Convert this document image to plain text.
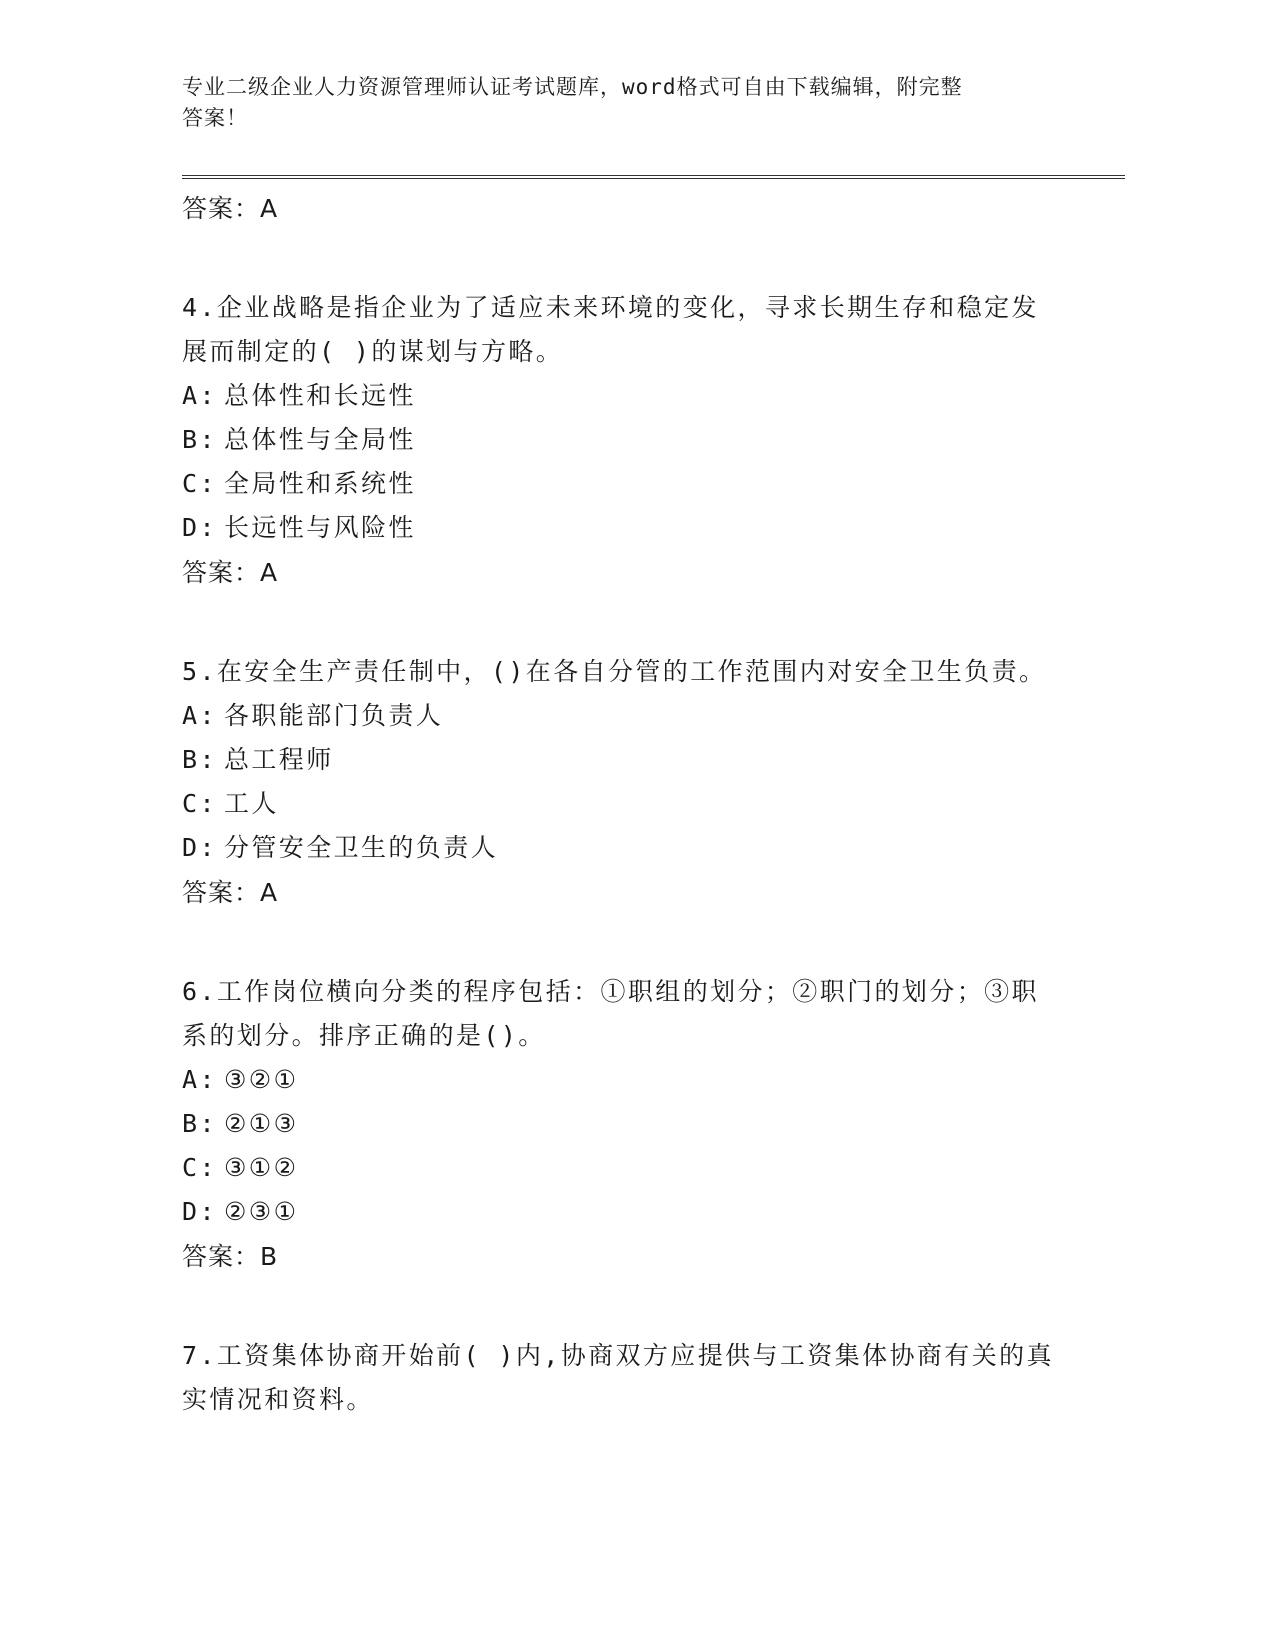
专业二级企业人力资源管理师认证考试题库，word格式可自由下载编辑，附完整
答案！
答案：A
4.企业战略是指企业为了适应未来环境的变化，寻求长期生存和稳定发展而制定的( )的谋划与方略。
A: 总体性和长远性
B: 总体性与全局性
C: 全局性和系统性
D: 长远性与风险性
答案：A
5.在安全生产责任制中，()在各自分管的工作范围内对安全卫生负责。
A: 各职能部门负责人
B: 总工程师
C: 工人
D: 分管安全卫生的负责人
答案：A
6.工作岗位横向分类的程序包括：①职组的划分；②职门的划分；③职系的划分。排序正确的是()。
A: ③②①
B: ②①③
C: ③①②
D: ②③①
答案：B
7.工资集体协商开始前( )内,协商双方应提供与工资集体协商有关的真实情况和资料。
